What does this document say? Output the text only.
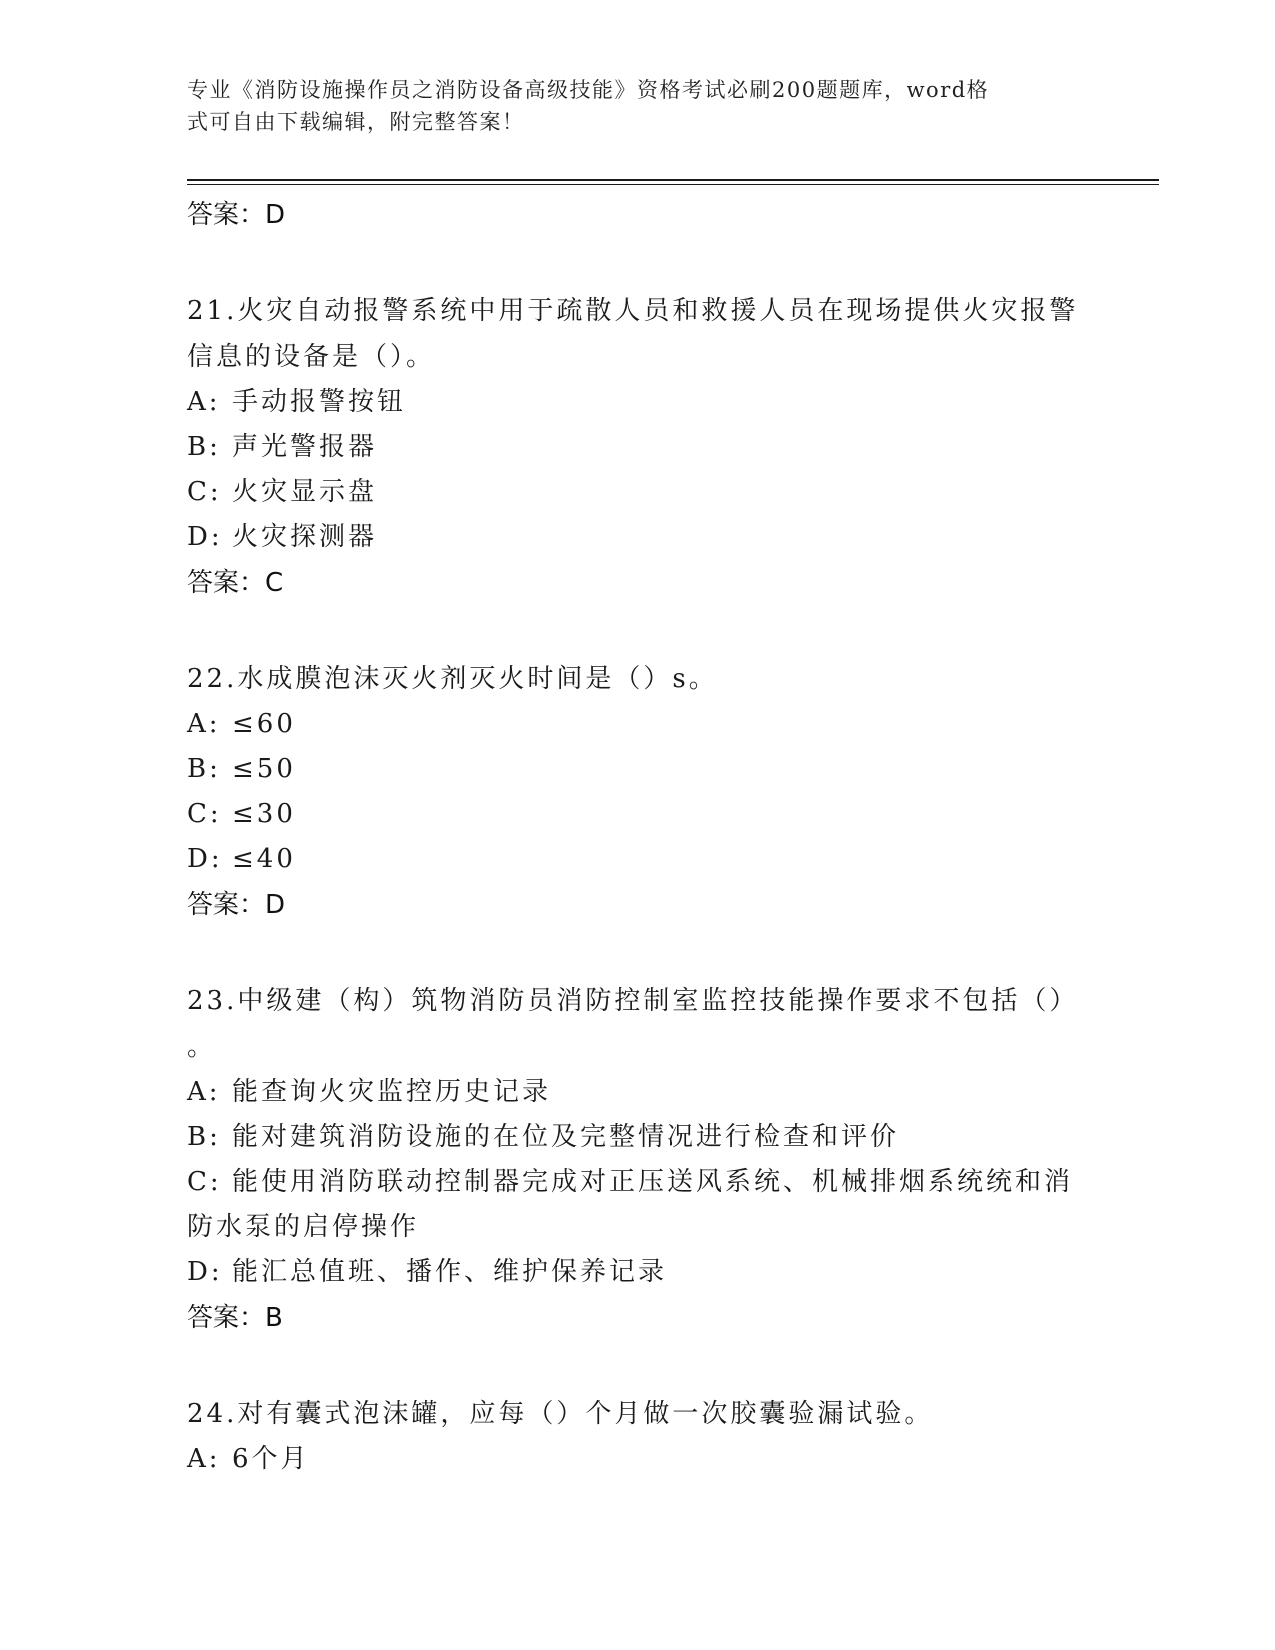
专业《消防设施操作员之消防设备高级技能》资格考试必刷200题题库，word格
式可自由下载编辑，附完整答案！
答案：D
21.火灾自动报警系统中用于疏散人员和救援人员在现场提供火灾报警
信息的设备是（）。
A: 手动报警按钮
B: 声光警报器
C: 火灾显示盘
D: 火灾探测器
答案：C
22.水成膜泡沫灭火剂灭火时间是（）s。
A: ≤60
B: ≤50
C: ≤30
D: ≤40
答案：D
23.中级建（构）筑物消防员消防控制室监控技能操作要求不包括（）
。
A: 能查询火灾监控历史记录
B: 能对建筑消防设施的在位及完整情况进行检查和评价
C: 能使用消防联动控制器完成对正压送风系统、机械排烟系统统和消
防水泵的启停操作
D: 能汇总值班、播作、维护保养记录
答案：B
24.对有囊式泡沫罐，应每（）个月做一次胶囊验漏试验。
A: 6个月
